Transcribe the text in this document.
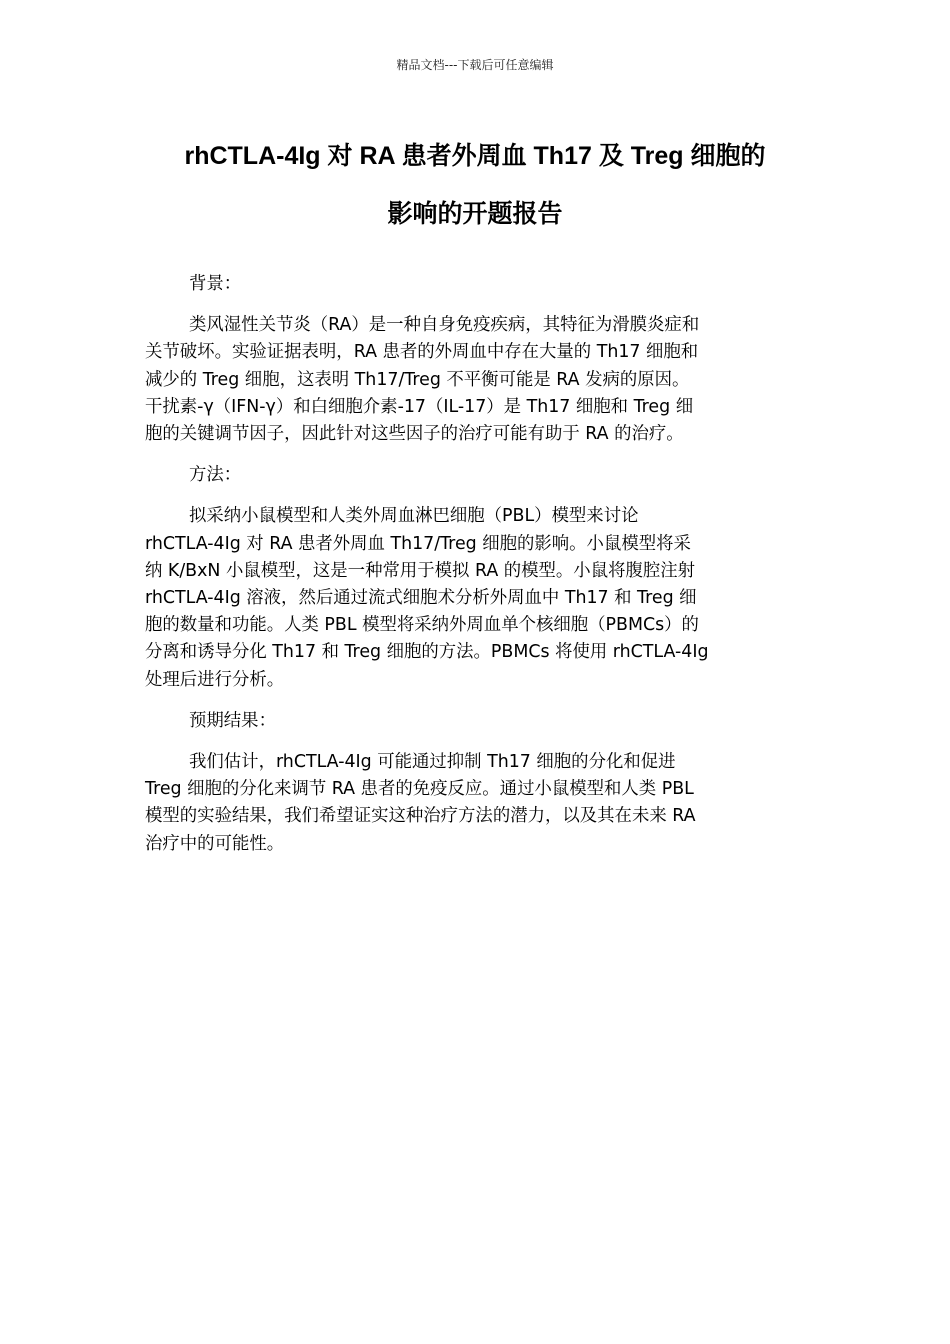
精品文档---下载后可任意编辑
rhCTLA-4Ig 对 RA 患者外周血 Th17 及 Treg 细胞的
影响的开题报告

背景：

类风湿性关节炎（RA）是一种自身免疫疾病，其特征为滑膜炎症和
关节破坏。实验证据表明，RA 患者的外周血中存在大量的 Th17 细胞和
减少的 Treg 细胞，这表明 Th17/Treg 不平衡可能是 RA 发病的原因。
干扰素-γ（IFN-γ）和白细胞介素-17（IL-17）是 Th17 细胞和 Treg 细
胞的关键调节因子，因此针对这些因子的治疗可能有助于 RA 的治疗。

方法：

拟采纳小鼠模型和人类外周血淋巴细胞（PBL）模型来讨论
rhCTLA-4Ig 对 RA 患者外周血 Th17/Treg 细胞的影响。小鼠模型将采
纳 K/BxN 小鼠模型，这是一种常用于模拟 RA 的模型。小鼠将腹腔注射
rhCTLA-4Ig 溶液，然后通过流式细胞术分析外周血中 Th17 和 Treg 细
胞的数量和功能。人类 PBL 模型将采纳外周血单个核细胞（PBMCs）的
分离和诱导分化 Th17 和 Treg 细胞的方法。PBMCs 将使用 rhCTLA-4Ig
处理后进行分析。

预期结果：

我们估计，rhCTLA-4Ig 可能通过抑制 Th17 细胞的分化和促进
Treg 细胞的分化来调节 RA 患者的免疫反应。通过小鼠模型和人类 PBL
模型的实验结果，我们希望证实这种治疗方法的潜力，以及其在未来 RA
治疗中的可能性。
